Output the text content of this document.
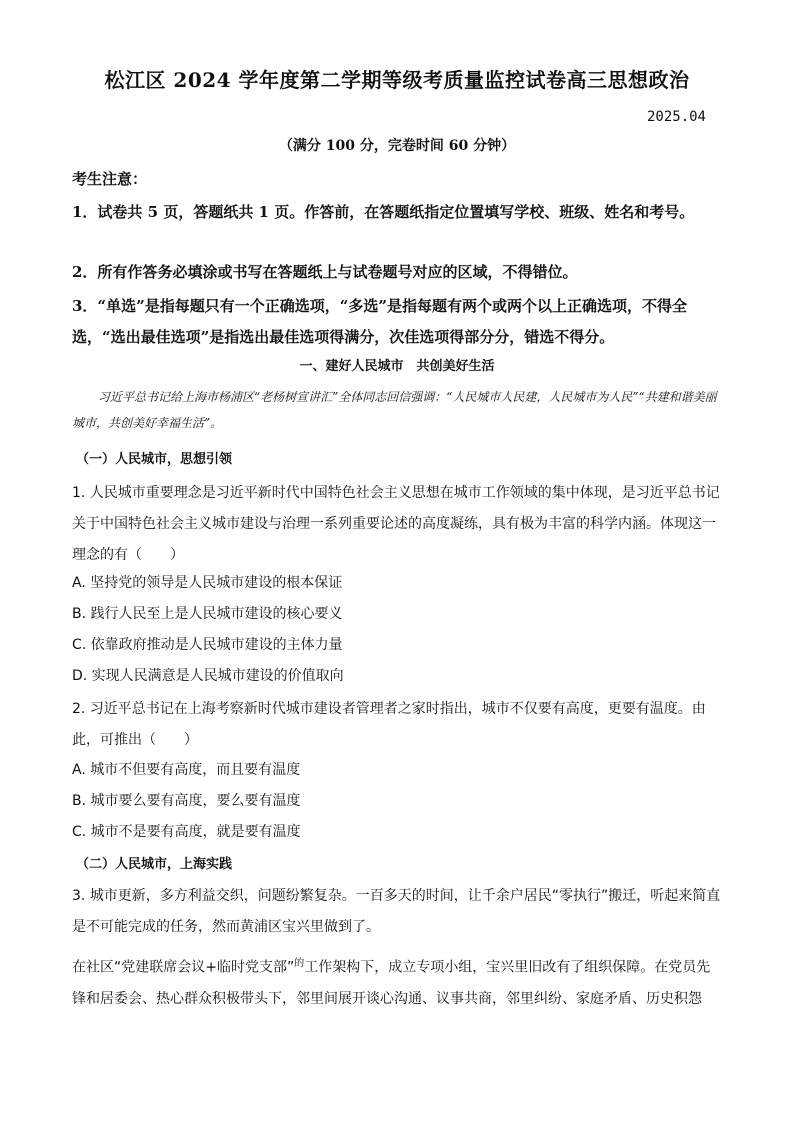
松江区 2024 学年度第二学期等级考质量监控试卷高三思想政治
2025.04
（满分 100 分，完卷时间 60 分钟）
考生注意：
1．试卷共 5 页，答题纸共 1 页。作答前，在答题纸指定位置填写学校、班级、姓名和考号。
2．所有作答务必填涂或书写在答题纸上与试卷题号对应的区域，不得错位。
3．“单选”是指每题只有一个正确选项，“多选”是指每题有两个或两个以上正确选项，不得全选，“选出最佳选项”是指选出最佳选项得满分，次佳选项得部分分，错选不得分。
一、建好人民城市　共创美好生活
习近平总书记给上海市杨浦区“老杨树宣讲汇”全体同志回信强调：“人民城市人民建，人民城市为人民”“共建和谐美丽城市，共创美好幸福生活”。
（一）人民城市，思想引领
1. 人民城市重要理念是习近平新时代中国特色社会主义思想在城市工作领域的集中体现，是习近平总书记关于中国特色社会主义城市建设与治理一系列重要论述的高度凝练，具有极为丰富的科学内涵。体现这一理念的有（　　）
A. 坚持党的领导是人民城市建设的根本保证
B. 践行人民至上是人民城市建设的核心要义
C. 依靠政府推动是人民城市建设的主体力量
D. 实现人民满意是人民城市建设的价值取向
2. 习近平总书记在上海考察新时代城市建设者管理者之家时指出，城市不仅要有高度，更要有温度。由此，可推出（　　）
A. 城市不但要有高度，而且要有温度
B. 城市要么要有高度，要么要有温度
C. 城市不是要有高度，就是要有温度
（二）人民城市，上海实践
3. 城市更新，多方利益交织，问题纷繁复杂。一百多天的时间，让千余户居民“零执行”搬迁，听起来简直是不可能完成的任务，然而黄浦区宝兴里做到了。
在社区“党建联席会议+临时党支部”$^的$工作架构下，成立专项小组，宝兴里旧改有了组织保障。在党员先锋和居委会、热心群众积极带头下，邻里间展开谈心沟通、议事共商，邻里纠纷、家庭矛盾、历史积怨
